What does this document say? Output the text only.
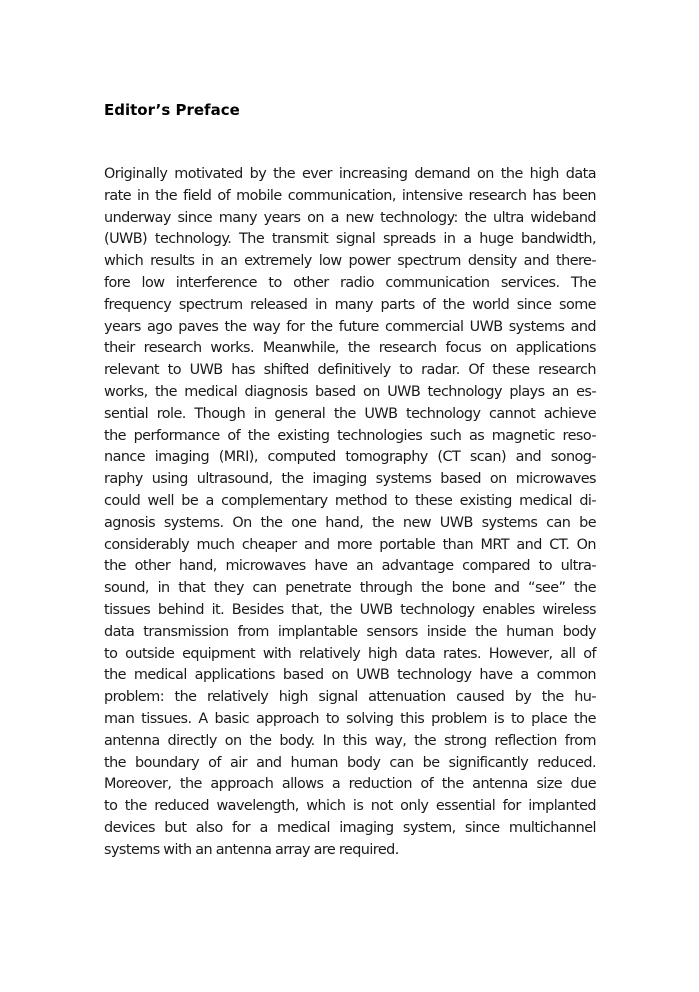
Editor’s Preface
Originally motivated by the ever increasing demand on the high data
rate in the field of mobile communication, intensive research has been
underway since many years on a new technology: the ultra wideband
(UWB) technology. The transmit signal spreads in a huge bandwidth,
which results in an extremely low power spectrum density and there-
fore low interference to other radio communication services. The
frequency spectrum released in many parts of the world since some
years ago paves the way for the future commercial UWB systems and
their research works. Meanwhile, the research focus on applications
relevant to UWB has shifted definitively to radar. Of these research
works, the medical diagnosis based on UWB technology plays an es-
sential role. Though in general the UWB technology cannot achieve
the performance of the existing technologies such as magnetic reso-
nance imaging (MRI), computed tomography (CT scan) and sonog-
raphy using ultrasound, the imaging systems based on microwaves
could well be a complementary method to these existing medical di-
agnosis systems. On the one hand, the new UWB systems can be
considerably much cheaper and more portable than MRT and CT. On
the other hand, microwaves have an advantage compared to ultra-
sound, in that they can penetrate through the bone and “see” the
tissues behind it. Besides that, the UWB technology enables wireless
data transmission from implantable sensors inside the human body
to outside equipment with relatively high data rates. However, all of
the medical applications based on UWB technology have a common
problem: the relatively high signal attenuation caused by the hu-
man tissues. A basic approach to solving this problem is to place the
antenna directly on the body. In this way, the strong reflection from
the boundary of air and human body can be significantly reduced.
Moreover, the approach allows a reduction of the antenna size due
to the reduced wavelength, which is not only essential for implanted
devices but also for a medical imaging system, since multichannel
systems with an antenna array are required.
